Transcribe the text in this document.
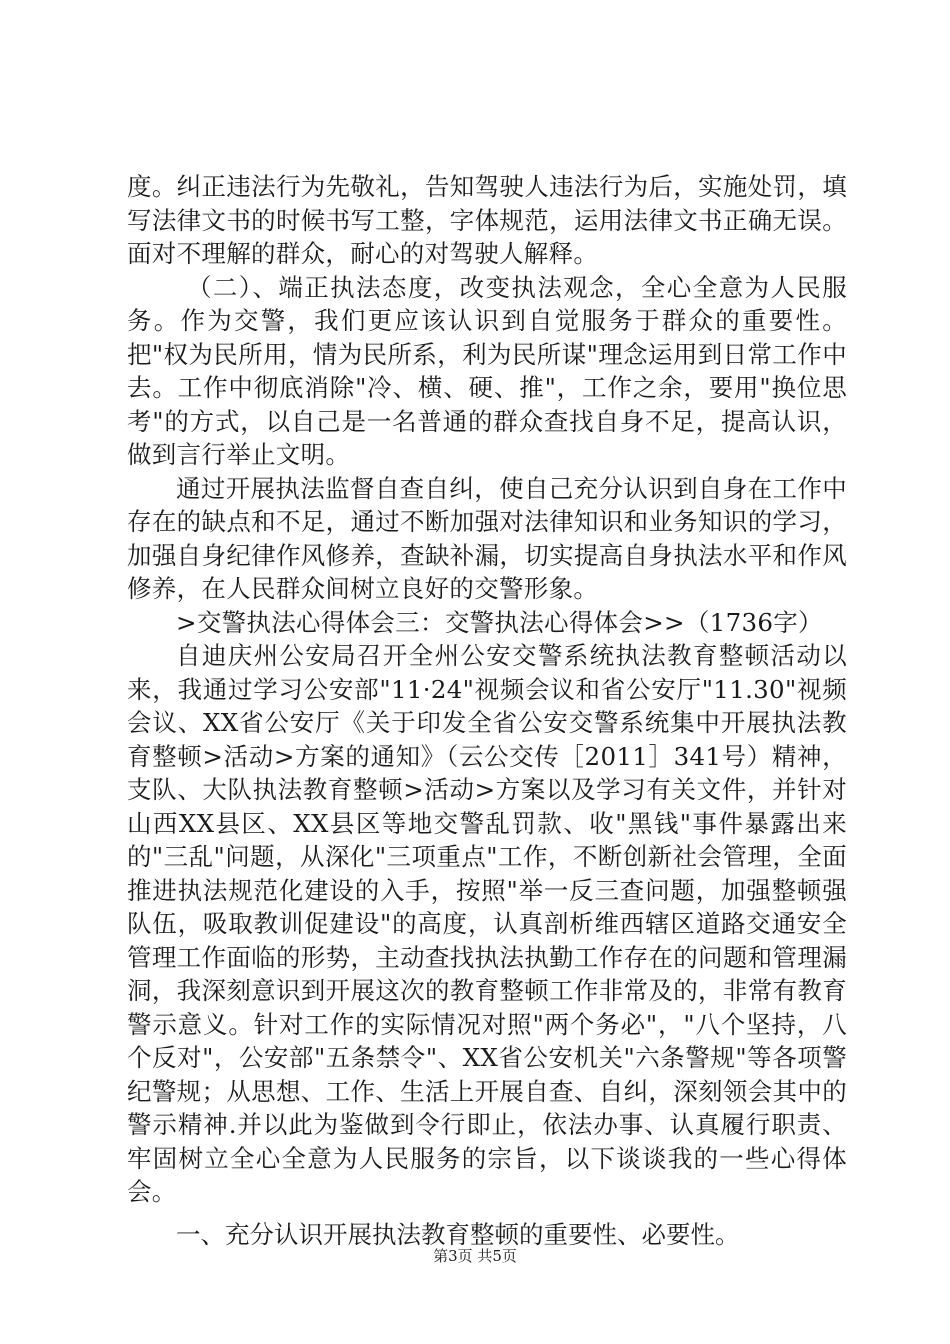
度。纠正违法行为先敬礼，告知驾驶人违法行为后，实施处罚，填写法律文书的时候书写工整，字体规范，运用法律文书正确无误。面对不理解的群众，耐心的对驾驶人解释。

（二）、端正执法态度，改变执法观念，全心全意为人民服务。作为交警，我们更应该认识到自觉服务于群众的重要性。把"权为民所用，情为民所系，利为民所谋"理念运用到日常工作中去。工作中彻底消除"冷、横、硬、推"，工作之余，要用"换位思考"的方式，以自己是一名普通的群众查找自身不足，提高认识，做到言行举止文明。

通过开展执法监督自查自纠，使自己充分认识到自身在工作中存在的缺点和不足，通过不断加强对法律知识和业务知识的学习，加强自身纪律作风修养，查缺补漏，切实提高自身执法水平和作风修养，在人民群众间树立良好的交警形象。

>交警执法心得体会三：交警执法心得体会>>（1736字）

自迪庆州公安局召开全州公安交警系统执法教育整顿活动以来，我通过学习公安部"11·24"视频会议和省公安厅"11.30"视频会议、XX省公安厅《关于印发全省公安交警系统集中开展执法教育整顿>活动>方案的通知》（云公交传［2011］341号）精神，支队、大队执法教育整顿>活动>方案以及学习有关文件，并针对山西XX县区、XX县区等地交警乱罚款、收"黑钱"事件暴露出来的"三乱"问题，从深化"三项重点"工作，不断创新社会管理，全面推进执法规范化建设的入手，按照"举一反三查问题，加强整顿强队伍，吸取教训促建设"的高度，认真剖析维西辖区道路交通安全管理工作面临的形势，主动查找执法执勤工作存在的问题和管理漏洞，我深刻意识到开展这次的教育整顿工作非常及的，非常有教育警示意义。针对工作的实际情况对照"两个务必"，"八个坚持，八个反对"，公安部"五条禁令"、XX省公安机关"六条警规"等各项警纪警规；从思想、工作、生活上开展自查、自纠，深刻领会其中的警示精神.并以此为鉴做到令行即止，依法办事、认真履行职责、牢固树立全心全意为人民服务的宗旨，以下谈谈我的一些心得体会。

一、充分认识开展执法教育整顿的重要性、必要性。

第3页 共5页
